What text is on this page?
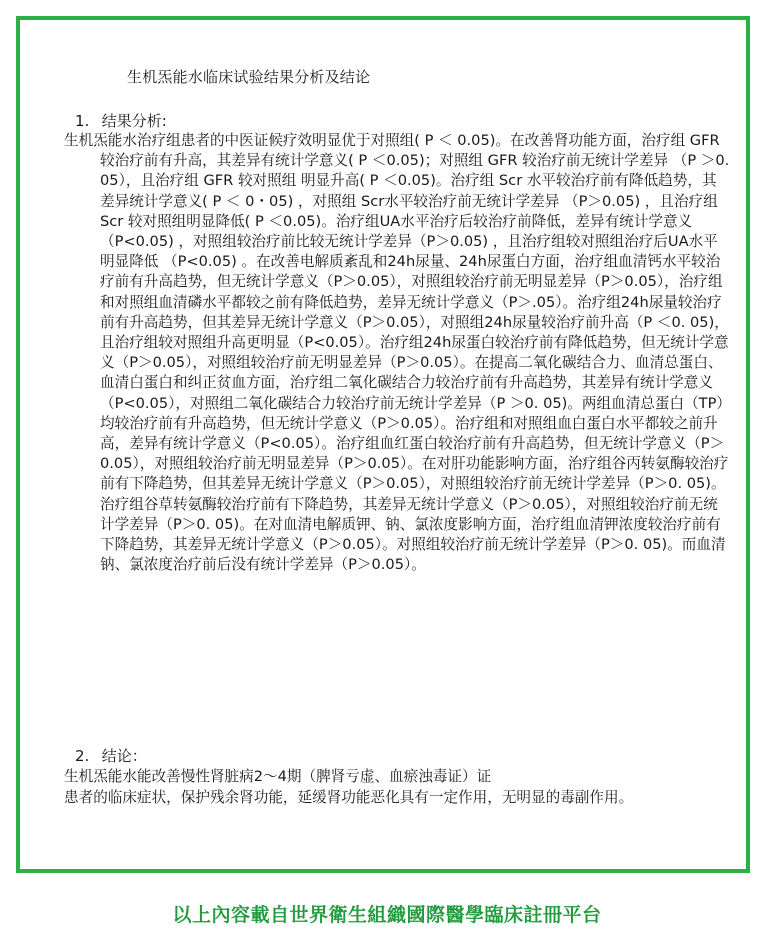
生机炁能水临床试验结果分析及结论
1. 结果分析:

生机炁能水治疗组患者的中医证候疗效明显优于对照组( P ＜ 0.05)。在改善肾功能方面，治疗组 GFR 较治疗前有升高，其差异有统计学意义( P ＜0.05)；对照组 GFR 较治疗前无统计学差异 （P ＞0. 05），且治疗组 GFR 较对照组 明显升高( P ＜0.05)。治疗组 Scr 水平较治疗前有降低趋势，其差异统计学意义( P ＜ 0・05) ，对照组 Scr水平较治疗前无统计学差异 （P＞0.05) ，且治疗组 Scr 较对照组明显降低( P ＜0.05)。治疗组UA水平治疗后较治疗前降低，差异有统计学意义 （P<0.05) ，对照组较治疗前比较无统计学差异（P＞0.05) ，且治疗组较对照组治疗后UA水平明显降低 （P<0.05) 。在改善电解质紊乱和24h尿量、24h尿蛋白方面，治疗组血清钙水平较治疗前有升高趋势，但无统计学意义（P＞0.05），对照组较治疗前无明显差异（P＞0.05），治疗组和对照组血清磷水平都较之前有降低趋势，差异无统计学意义（P＞.05）。治疗组24h尿量较治疗前有升高趋势，但其差异无统计学意义（P＞0.05），对照组24h尿量较治疗前升高（P ＜0. 05)，且治疗组较对照组升高更明显（P<0.05）。治疗组24h尿蛋白较治疗前有降低趋势，但无统计学意义（P＞0.05），对照组较治疗前无明显差异（P＞0.05）。在提高二氧化碳结合力、血清总蛋白、血清白蛋白和纠正贫血方面，治疗组二氧化碳结合力较治疗前有升高趋势，其差异有统计学意义（P<0.05），对照组二氧化碳结合力较治疗前无统计学差异（P ＞0. 05)。两组血清总蛋白（TP）均较治疗前有升高趋势，但无统计学意义（P＞0.05）。治疗组和对照组血白蛋白水平都较之前升高，差异有统计学意义（P<0.05）。治疗组血红蛋白较治疗前有升高趋势，但无统计学意义（P＞0.05），对照组较治疗前无明显差异（P＞0.05）。在对肝功能影响方面，治疗组谷丙转氨酶较治疗前有下降趋势，但其差异无统计学意义（P＞0.05），对照组较治疗前无统计学差异（P＞0. 05)。治疗组谷草转氨酶较治疗前有下降趋势，其差异无统计学意义（P＞0.05），对照组较治疗前无统计学差异（P＞0. 05)。在对血清电解质钾、钠、氯浓度影响方面，治疗组血清钾浓度较治疗前有下降趋势，其差异无统计学意义（P＞0.05）。对照组较治疗前无统计学差异（P＞0. 05)。而血清钠、氯浓度治疗前后没有统计学差异（P＞0.05）。

2. 结论：

生机炁能水能改善慢性肾脏病2～4期（脾肾亏虚、血瘀浊毒证）证

患者的临床症状，保护残余肾功能，延缓肾功能恶化具有一定作用，无明显的毒副作用。

以上內容載自世界衛生組織國際醫學臨床註冊平台
